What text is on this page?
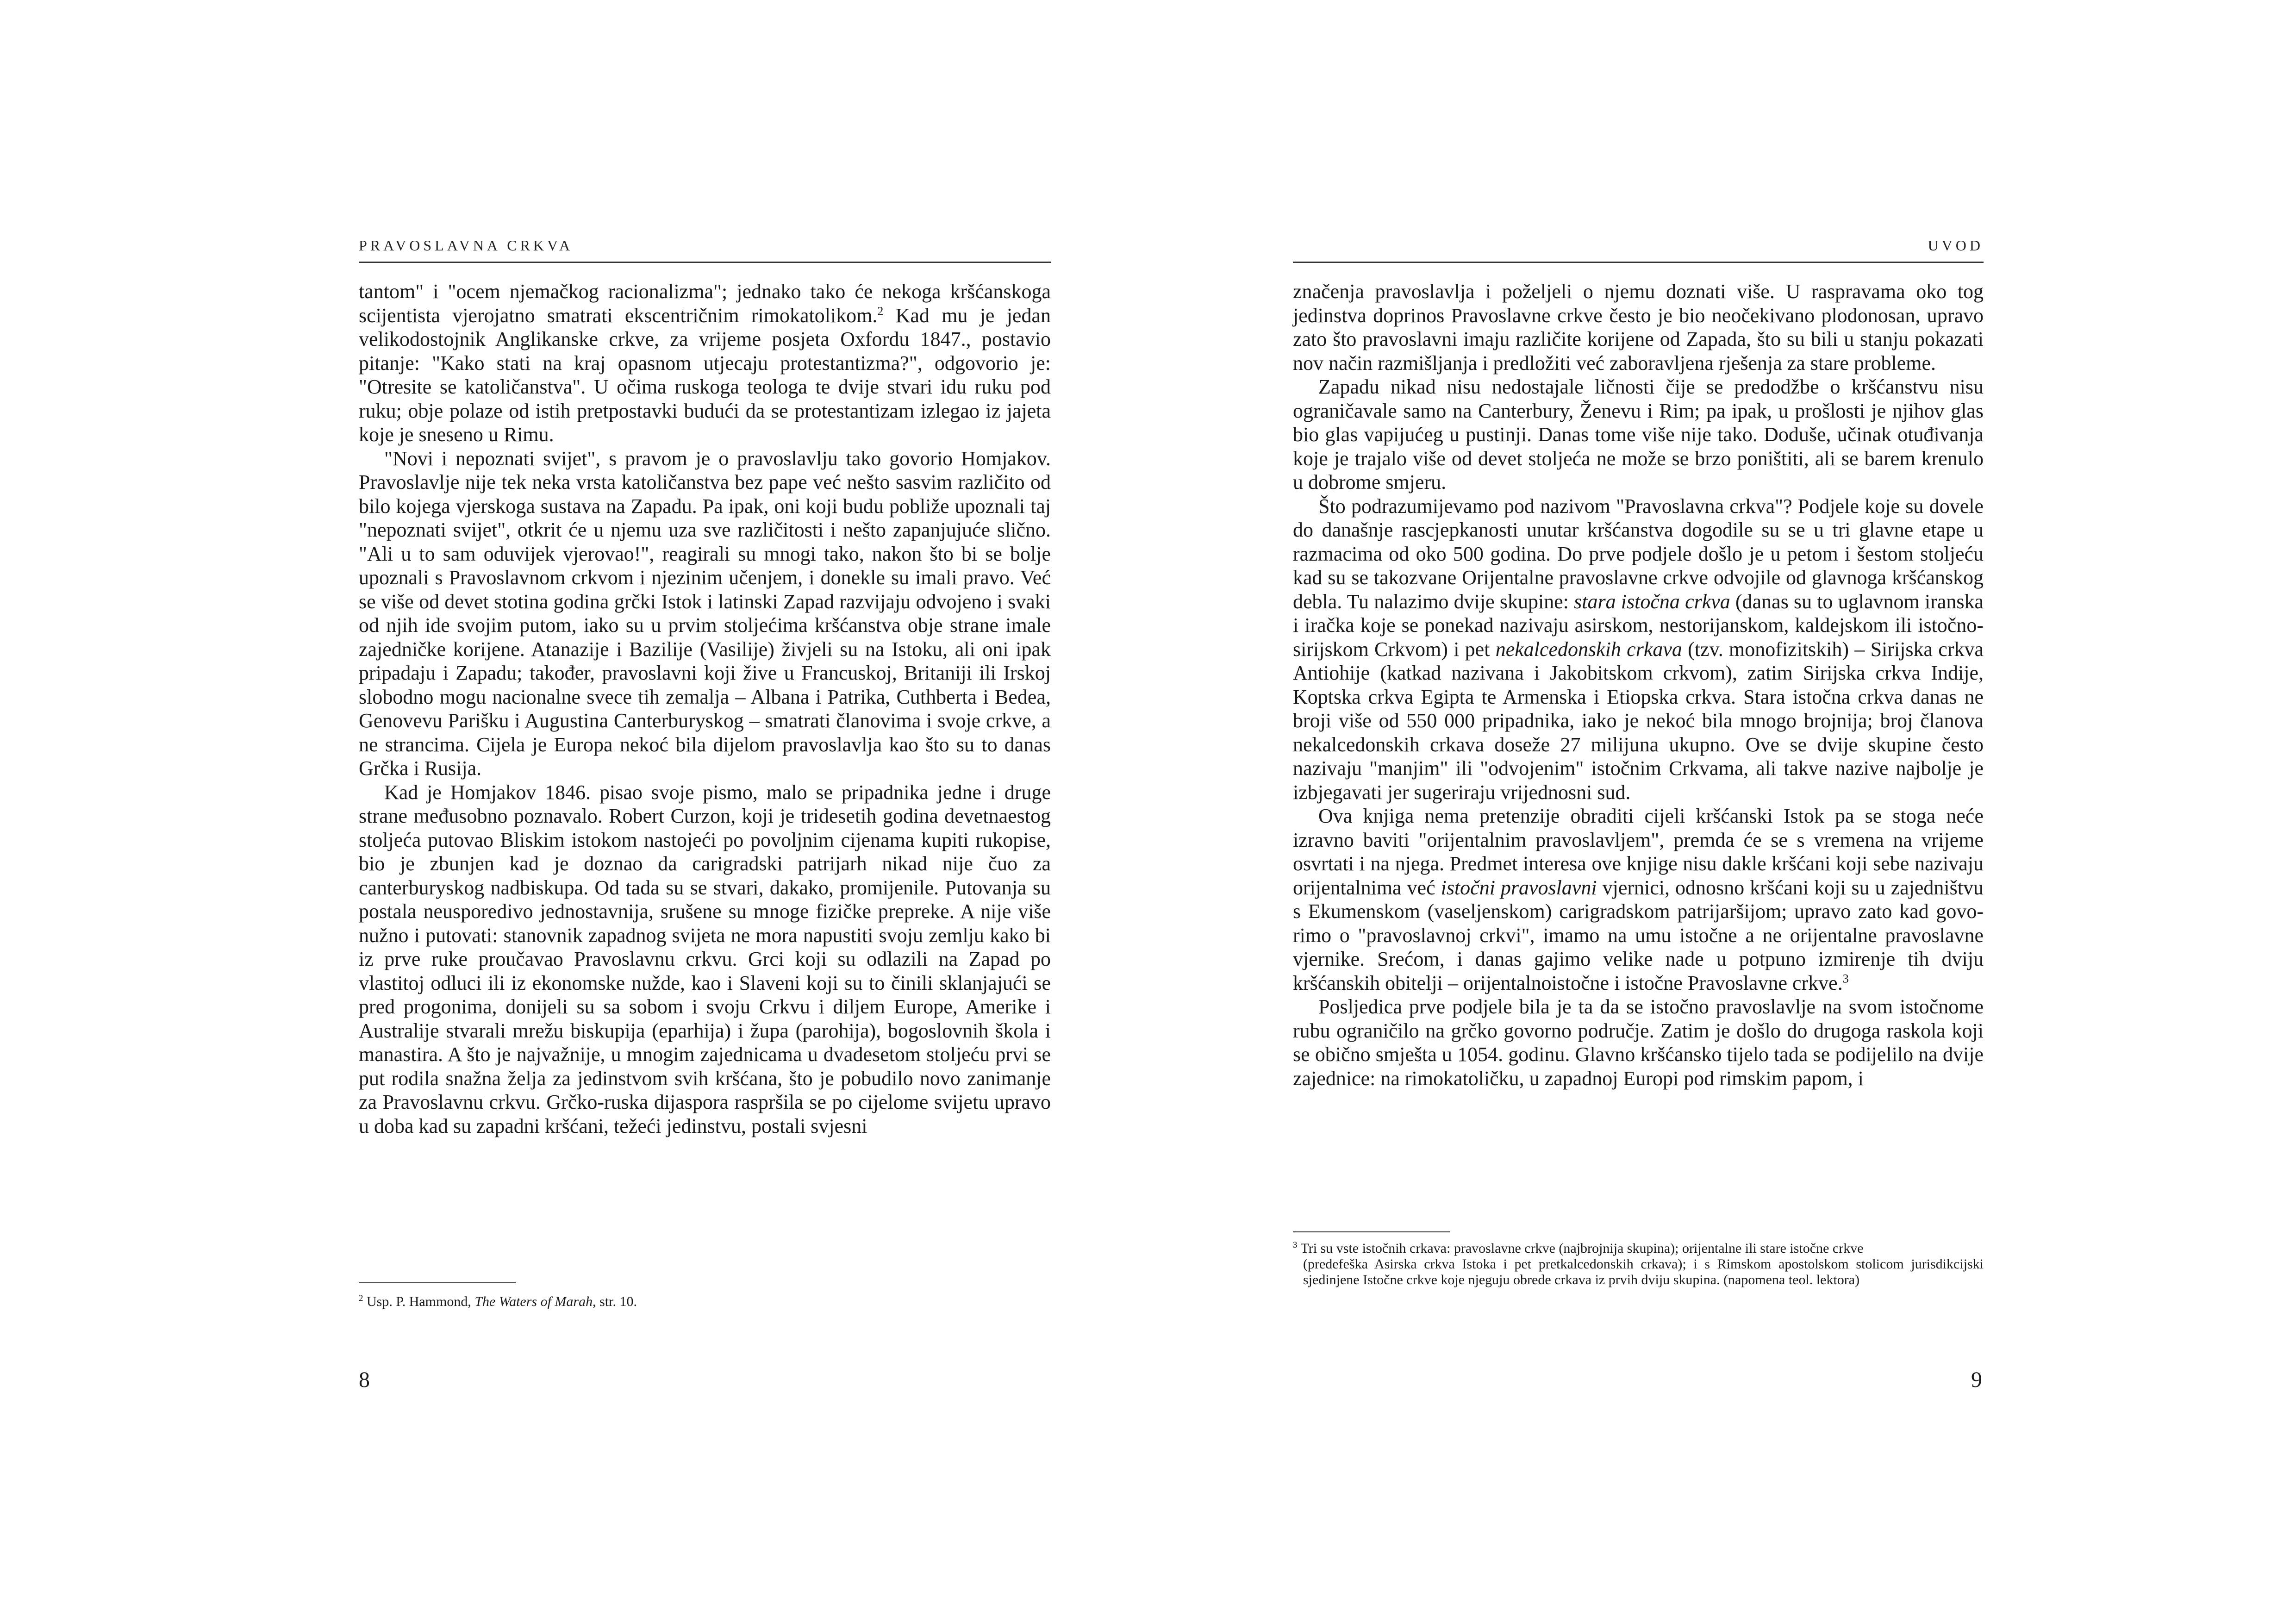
PRAVOSLAVNA CRKVA

tantom" i "ocem njemačkog racionalizma"; jednako tako će nekoga kršćanskoga scijentista vjerojatno smatrati ekscentričnim rimokatolikom.$^2$ Kad mu je jedan velikodostojnik Anglikanske crkve, za vrijeme posjeta Oxfordu 1847., postavio pitanje: "Kako stati na kraj opasnom utjecaju protestantizma?", odgovorio je: "Otresite se katoličanstva". U očima ruskoga teologa te dvije stvari idu ruku pod ruku; obje polaze od istih pretpostavki budući da se protestantizam izlegao iz jajeta koje je sneseno u Rimu.

"Novi i nepoznati svijet", s pravom je o pravoslavlju tako govorio Homjakov. Pravoslavlje nije tek neka vrsta katoličanstva bez pape već nešto sasvim različito od bilo kojega vjerskoga sustava na Zapadu. Pa ipak, oni koji budu pobliže upoznali taj "nepoznati svijet", otkrit će u njemu uza sve različitosti i nešto zapanjujuće slično. "Ali u to sam oduvijek vjerovao!", reagirali su mnogi tako, nakon što bi se bolje upoznali s Pravoslavnom crkvom i njezinim učenjem, i donekle su imali pravo. Već se više od devet stotina godina grčki Istok i latinski Zapad razvijaju odvojeno i svaki od njih ide svojim putom, iako su u prvim stoljećima kršćanstva obje strane imale zajedničke korijene. Atanazije i Bazilije (Vasilije) živjeli su na Istoku, ali oni ipak pripadaju i Zapadu; također, pravoslavni koji žive u Francuskoj, Britaniji ili Irskoj slobodno mogu nacionalne svece tih zemalja – Albana i Patrika, Cuthberta i Bedea, Genovevu Parišku i Augustina Canterburyskog – smatrati članovima i svoje crkve, a ne strancima. Cijela je Europa nekoć bila dijelom pravoslavlja kao što su to danas Grčka i Rusija.

Kad je Homjakov 1846. pisao svoje pismo, malo se pripadnika jedne i druge strane međusobno poznavalo. Robert Curzon, koji je tridesetih godina devetnaestog stoljeća putovao Bliskim istokom nastojeći po povoljnim cijenama kupiti rukopise, bio je zbunjen kad je doznao da carigradski patrijarh nikad nije čuo za canterburyskog nadbiskupa. Od tada su se stvari, dakako, promijenile. Putovanja su postala neusporedivo jednostavnija, srušene su mnoge fizičke prepreke. A nije više nužno i putovati: stanovnik zapadnog svijeta ne mora napustiti svoju zemlju kako bi iz prve ruke proučavao Pravoslavnu crkvu. Grci koji su odlazili na Zapad po vlastitoj odluci ili iz ekonomske nužde, kao i Slaveni koji su to činili sklanjajući se pred progonima, donijeli su sa sobom i svoju Crkvu i diljem Europe, Amerike i Australije stvarali mrežu biskupija (eparhija) i župa (parohija), bogoslovnih škola i manastira. A što je najvažnije, u mnogim zajednicama u dvadesetom stoljeću prvi se put rodila snažna želja za jedinstvom svih kršćana, što je pobudilo novo zanimanje za Pravoslavnu crkvu. Grčko-ruska dijaspora raspršila se po cijelome svijetu upravo u doba kad su zapadni kršćani, težeći jedinstvu, postali svjesni

$^2$ Usp. P. Hammond, The Waters of Marah, str. 10.
8
UVOD

značenja pravoslavlja i poželjeli o njemu doznati više. U raspravama oko tog jedinstva doprinos Pravoslavne crkve često je bio neočekivano plodonosan, upravo zato što pravoslavni imaju različite korijene od Zapada, što su bili u stanju pokazati nov način razmišljanja i predložiti već zaboravljena rješenja za stare probleme.

Zapadu nikad nisu nedostajale ličnosti čije se predodžbe o kršćanstvu nisu ograničavale samo na Canterbury, Ženevu i Rim; pa ipak, u prošlosti je njihov glas bio glas vapijućeg u pustinji. Danas tome više nije tako. Doduše, učinak otuđivanja koje je trajalo više od devet stoljeća ne može se brzo poništiti, ali se barem krenulo u dobrome smjeru.

Što podrazumijevamo pod nazivom "Pravoslavna crkva"? Podjele koje su dovele do današnje rascjepkanosti unutar kršćanstva dogodile su se u tri glavne etape u razmacima od oko 500 godina. Do prve podjele došlo je u petom i šestom stoljeću kad su se takozvane Orijentalne pravoslavne crkve odvojile od glavnoga kršćanskog debla. Tu nalazimo dvije skupine: stara istočna crkva (danas su to uglavnom iranska i iračka koje se ponekad nazivaju asirskom, nestorijanskom, kaldejskom ili istočnosirijskom Crkvom) i pet nekalcedonskih crkava (tzv. monofizitskih) – Sirijska crkva Antiohije (katkad nazivana i Jakobitskom crkvom), zatim Sirijska crkva Indije, Koptska crkva Egipta te Armenska i Etiopska crkva. Stara istočna crkva danas ne broji više od 550 000 pripadnika, iako je nekoć bila mnogo brojnija; broj članova nekalcedonskih crkava doseže 27 milijuna ukupno. Ove se dvije skupine često nazivaju "manjim" ili "odvojenim" istočnim Crkvama, ali takve nazive najbolje je izbjegavati jer sugeriraju vrijednosni sud.

Ova knjiga nema pretenzije obraditi cijeli kršćanski Istok pa se stoga neće izravno baviti "orijentalnim pravoslavljem", premda će se s vremena na vrijeme osvrtati i na njega. Predmet interesa ove knjige nisu dakle kršćani koji sebe nazivaju orijentalnima već istočni pravoslavni vjernici, odnosno kršćani koji su u zajedništvu s Ekumenskom (vaseljenskom) carigradskom patrijaršijom; upravo zato kad govorimo o "pravoslavnoj crkvi", imamo na umu istočne a ne orijentalne pravoslavne vjernike. Srećom, i danas gajimo velike nade u potpuno izmirenje tih dviju kršćanskih obitelji – orijentalnoistočne i istočne Pravoslavne crkve.$^3$

Posljedica prve podjele bila je ta da se istočno pravoslavlje na svom istočnome rubu ograničilo na grčko govorno područje. Zatim je došlo do drugoga raskola koji se obično smješta u 1054. godinu. Glavno kršćansko tijelo tada se podijelilo na dvije zajednice: na rimokatoličku, u zapadnoj Europi pod rimskim papom, i

$^3$ Tri su vste istočnih crkava: pravoslavne crkve (najbrojnija skupina); orijentalne ili stare istočne crkve
(predefeška Asirska crkva Istoka i pet pretkalcedonskih crkava); i s Rimskom apostolskom stolicom jurisdikcijski sjedinjene Istočne crkve koje njeguju obrede crkava iz prvih dviju skupina. (napomena teol. lektora)
9
